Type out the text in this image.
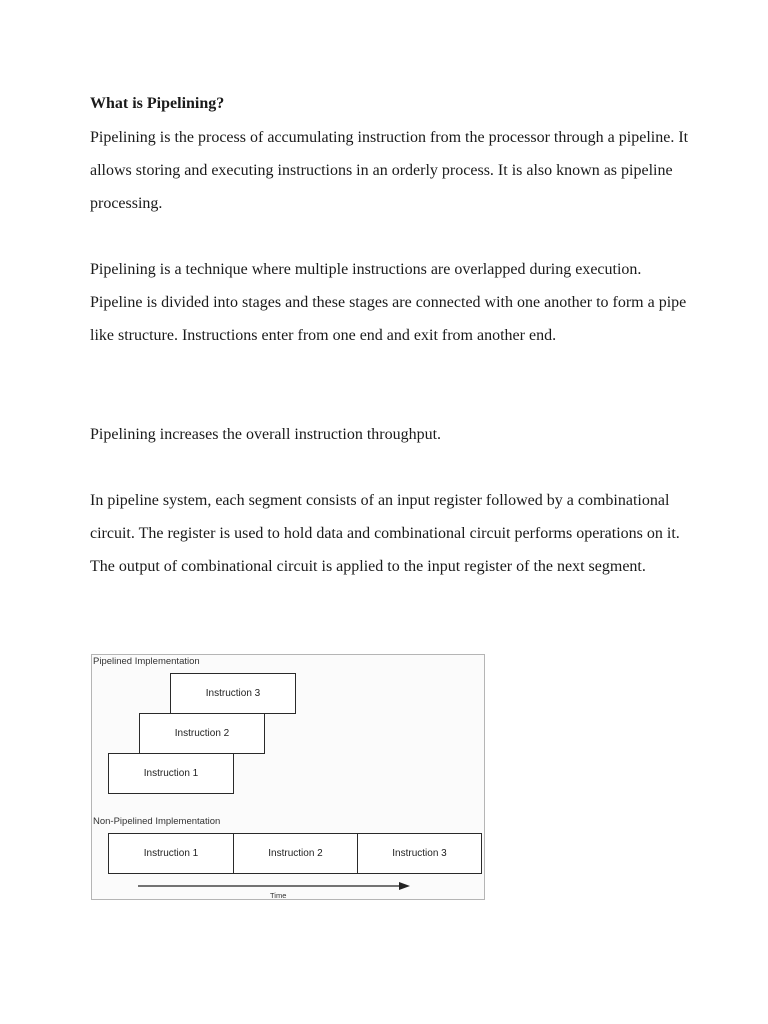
What is Pipelining?

Pipelining is the process of accumulating instruction from the processor through a pipeline. It allows storing and executing instructions in an orderly process. It is also known as pipeline processing.

Pipelining is a technique where multiple instructions are overlapped during execution. Pipeline is divided into stages and these stages are connected with one another to form a pipe like structure. Instructions enter from one end and exit from another end.

Pipelining increases the overall instruction throughput.

In pipeline system, each segment consists of an input register followed by a combinational circuit. The register is used to hold data and combinational circuit performs operations on it. The output of combinational circuit is applied to the input register of the next segment.

Pipelined Implementation
Instruction 3
Instruction 2
Instruction 1
Non-Pipelined Implementation
Instruction 1	Instruction 2	Instruction 3
Time
